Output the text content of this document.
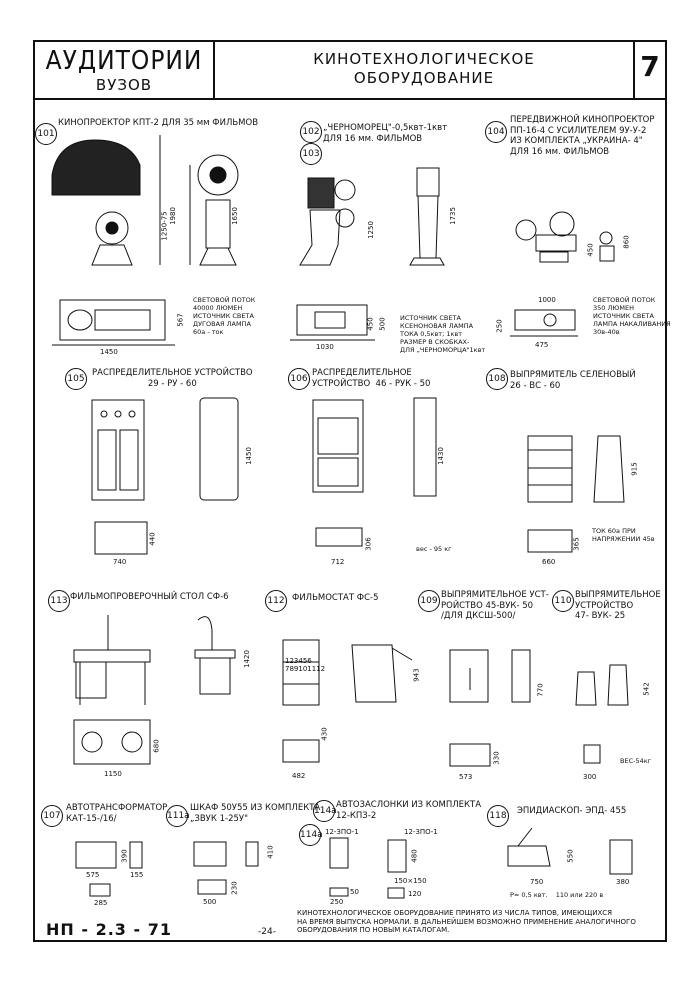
АУДИТОРИИ
ВУЗОВ
КИНОТЕХНОЛОГИЧЕСКОЕ
ОБОРУДОВАНИЕ	7
101	102
103
104
105	106	108
113	112	109	110
107	111а	114а
114а
118
КИНОПРОЕКТОР КПТ-2 ДЛЯ 35 мм ФИЛЬМОВ	„ЧЕРНОМОРЕЦ"-0,5квт-1квт
ДЛЯ 16 мм. ФИЛЬМОВ
ПЕРЕДВИЖНОЙ КИНОПРОЕКТОР
ПП-16-4 С УСИЛИТЕЛЕМ 9У-У-2
ИЗ КОМПЛЕКТА „УКРАИНА- 4"
ДЛЯ 16 мм. ФИЛЬМОВ
РАСПРЕДЕЛИТЕЛЬНОЕ УСТРОЙСТВО
29 - РУ - 60
РАСПРЕДЕЛИТЕЛЬНОЕ
УСТРОЙСТВО  46 - РУК - 50
ВЫПРЯМИТЕЛЬ СЕЛЕНОВЫЙ
26 - ВС - 60
ФИЛЬМОПРОВЕРОЧНЫЙ СТОЛ СФ-6	ФИЛЬМОСТАТ ФС-5	ВЫПРЯМИТЕЛЬНОЕ УСТ-
РОЙСТВО 45-ВУК- 50
/ДЛЯ ДКСШ-500/
ВЫПРЯМИТЕЛЬНОЕ
УСТРОЙСТВО
47- ВУК- 25
АВТОТРАНСФОРМАТОР
КАТ-15-/16/
ШКАФ 50У55 ИЗ КОМПЛЕКТА
„ЗВУК 1-25У"
АВТОЗАСЛОНКИ ИЗ КОМПЛЕКТА
12-КПЗ-2	ЭПИДИАСКОП- ЭПД- 455
12-ЗПО-1	12-ЗПО-1
СВЕТОВОЙ ПОТОК
40000 ЛЮМЕН
ИСТОЧНИК СВЕТА
ДУГОВАЯ ЛАМПА
60а - ток
ИСТОЧНИК СВЕТА
КСЕНОНОВАЯ ЛАМПА
ТОКА 0,5квт; 1квт
РАЗМЕР В СКОБКАХ-
ДЛЯ „ЧЕРНОМОРЦА"1квт
СВЕТОВОЙ ПОТОК
350 ЛЮМЕН
ИСТОЧНИК СВЕТА
ЛАМПА НАКАЛИВАНИЯ
30в-40в
вес - 95 кг
ТОК 60а ПРИ
НАПРЯЖЕНИИ 45в
ВЕС-54кг
P= 0,5 квт.    110 или 220 в
123456
789101112
1250-75 1980	1650
567
1450
1250
1735
450 500
1030
450
860
1000
250
475
1450
440
740
1430
306
712
915
365
660
1420
680
1150
943
430
482
770
330
573
542
300
390
575	155
285
410
230
500
480
50
250
120
150×150
550
750	380
НП - 2.3 - 71	-24-
КИНОТЕХНОЛОГИЧЕСКОЕ ОБОРУДОВАНИЕ ПРИНЯТО ИЗ ЧИСЛА ТИПОВ, ИМЕЮЩИХСЯ
НА ВРЕМЯ ВЫПУСКА НОРМАЛИ. В ДАЛЬНЕЙШЕМ ВОЗМОЖНО ПРИМЕНЕНИЕ АНАЛОГИЧНОГО
ОБОРУДОВАНИЯ ПО НОВЫМ КАТАЛОГАМ.
